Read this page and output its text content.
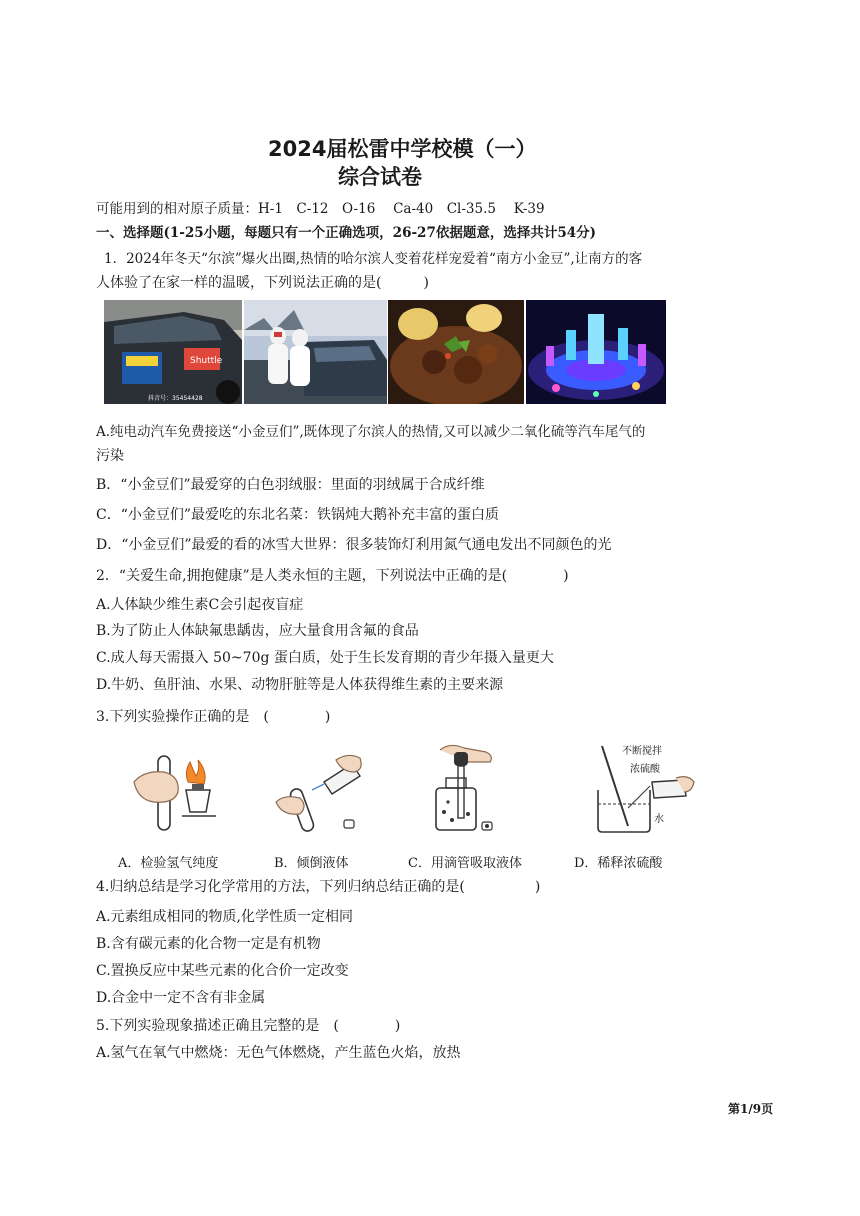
2024届松雷中学校模（一）
综合试卷
可能用到的相对原子质量：H-1　C-12　O-16　 Ca-40　Cl-35.5　 K-39
一、选择题(1-25小题，每题只有一个正确选项，26-27依据题意，选择共计54分)
1．2024年冬天“尔滨”爆火出圈,热情的哈尔滨人变着花样宠爱着“南方小金豆”,让南方的客
人体验了在家一样的温暖，下列说法正确的是(　　　)
Shuttle
抖音号：35454428
A.纯电动汽车免费接送“小金豆们”,既体现了尔滨人的热情,又可以减少二氧化硫等汽车尾气的
污染
B．“小金豆们”最爱穿的白色羽绒服：里面的羽绒属于合成纤维
C．“小金豆们”最爱吃的东北名菜：铁锅炖大鹅补充丰富的蛋白质
D．“小金豆们”最爱的看的冰雪大世界：很多装饰灯利用氮气通电发出不同颜色的光
2．“关爱生命,拥抱健康”是人类永恒的主题，下列说法中正确的是(　　　　)
A.人体缺少维生素C会引起夜盲症
B.为了防止人体缺氟患龋齿，应大量食用含氟的食品
C.成人每天需摄入 50~70g 蛋白质，处于生长发育期的青少年摄入量更大
D.牛奶、鱼肝油、水果、动物肝脏等是人体获得维生素的主要来源
3.下列实验操作正确的是　(　　　　)
不断搅拌
浓硫酸
水
A．检验氢气纯度	B．倾倒液体	C．用滴管吸取液体	D．稀释浓硫酸
4.归纳总结是学习化学常用的方法，下列归纳总结正确的是(　　　　　)
A.元素组成相同的物质,化学性质一定相同
B.含有碳元素的化合物一定是有机物
C.置换反应中某些元素的化合价一定改变
D.合金中一定不含有非金属
5.下列实验现象描述正确且完整的是　(　　　　)
A.氢气在氧气中燃烧：无色气体燃烧，产生蓝色火焰，放热
第1/9页
